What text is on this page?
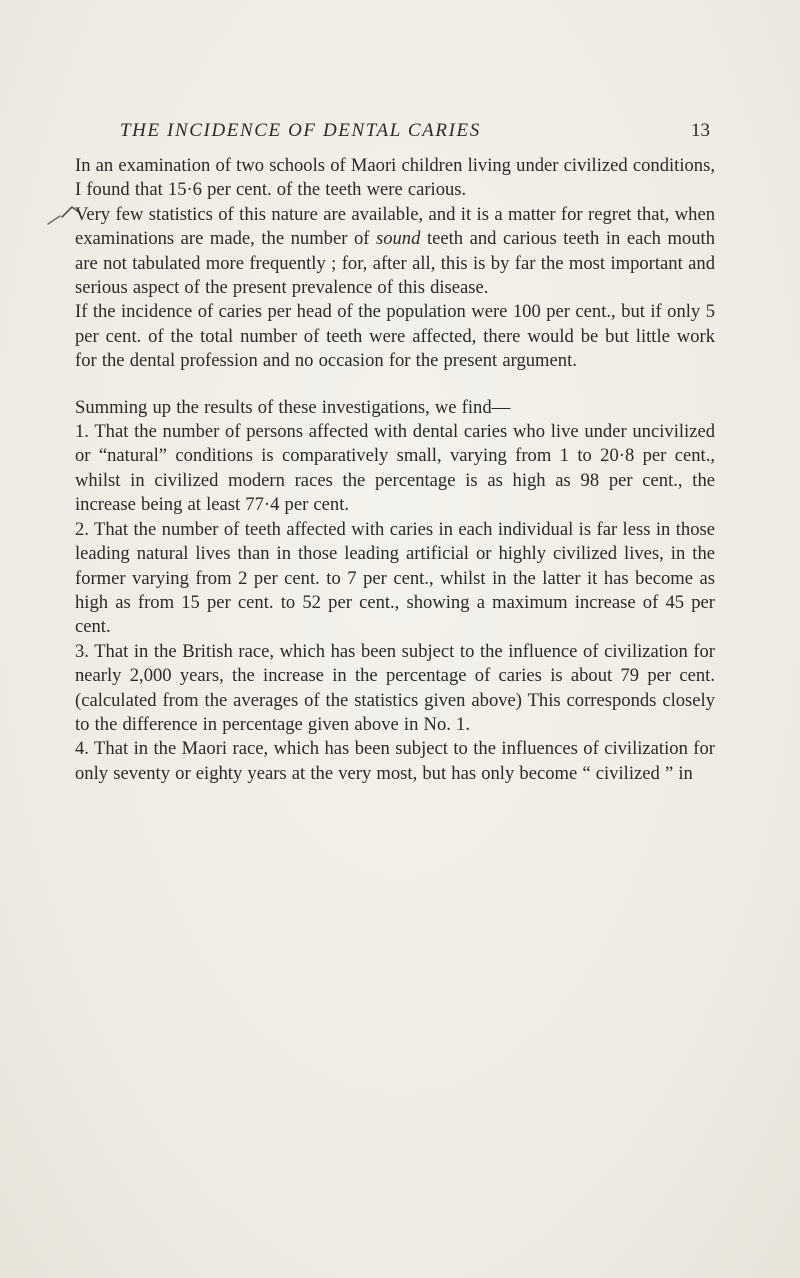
THE INCIDENCE OF DENTAL CARIES	13

In an examination of two schools of Maori children living under civilized conditions, I found that 15·6 per cent. of the teeth were carious.

Very few statistics of this nature are available, and it is a matter for regret that, when examinations are made, the number of sound teeth and carious teeth in each mouth are not tabulated more frequently ; for, after all, this is by far the most important and serious aspect of the present prevalence of this disease.

If the incidence of caries per head of the population were 100 per cent., but if only 5 per cent. of the total number of teeth were affected, there would be but little work for the dental profession and no occasion for the present argument.

Summing up the results of these investigations, we find—

1. That the number of persons affected with dental caries who live under uncivilized or “natural” conditions is comparatively small, varying from 1 to 20·8 per cent., whilst in civilized modern races the percentage is as high as 98 per cent., the increase being at least 77·4 per cent.

2. That the number of teeth affected with caries in each individual is far less in those leading natural lives than in those leading artificial or highly civilized lives, in the former varying from 2 per cent. to 7 per cent., whilst in the latter it has become as high as from 15 per cent. to 52 per cent., showing a maximum increase of 45 per cent.

3. That in the British race, which has been subject to the influence of civilization for nearly 2,000 years, the increase in the percentage of caries is about 79 per cent. (calculated from the averages of the statistics given above) This corresponds closely to the difference in percentage given above in No. 1.

4. That in the Maori race, which has been subject to the influences of civilization for only seventy or eighty years at the very most, but has only become “ civilized ” in
